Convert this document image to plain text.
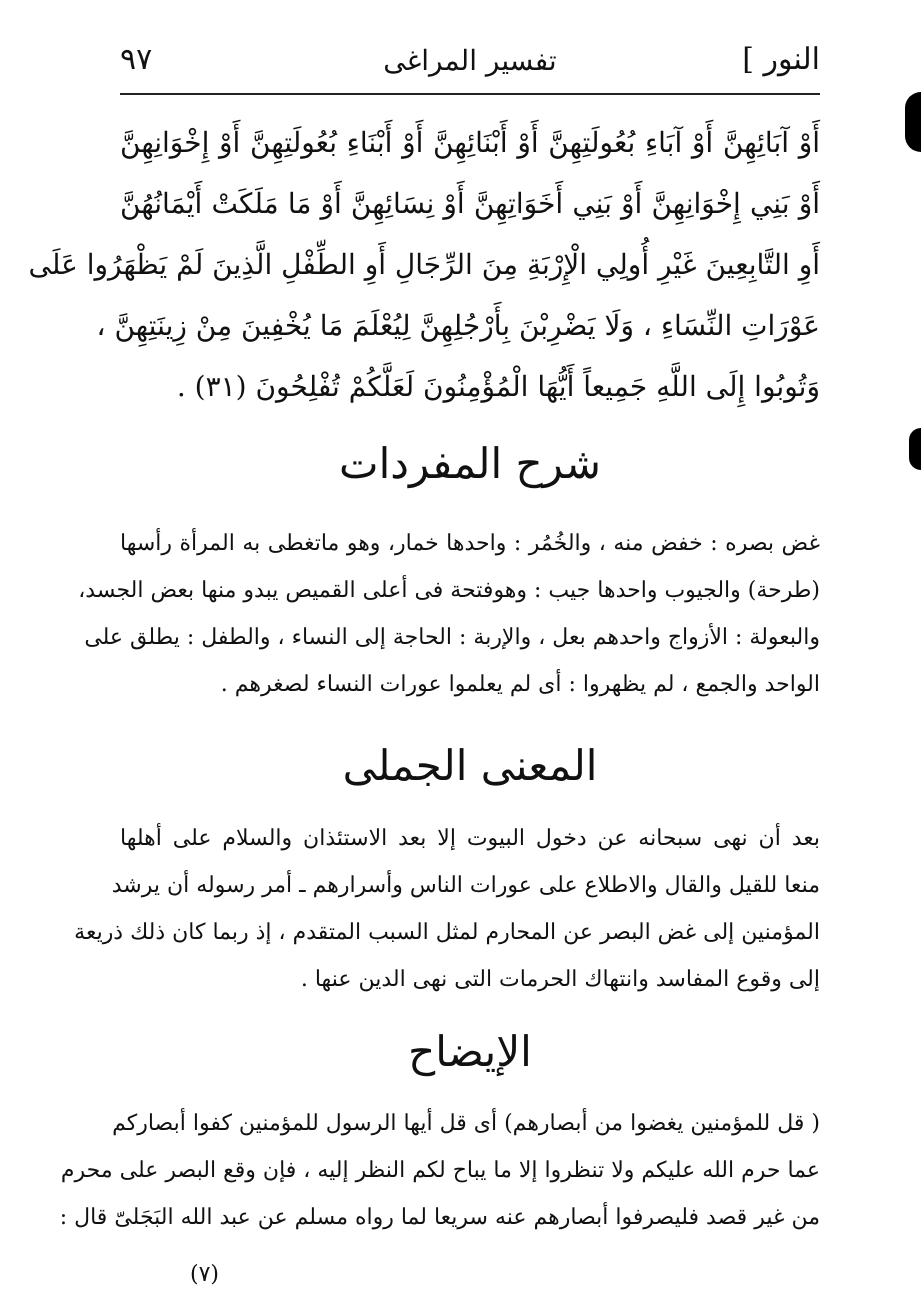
النور ]
تفسير المراغى
٩٧
أَوْ آبَائِهِنَّ أَوْ آبَاءِ بُعُولَتِهِنَّ أَوْ أَبْنَائِهِنَّ أَوْ أَبْنَاءِ بُعُولَتِهِنَّ أَوْ إِخْوَانِهِنَّ
أَوْ بَنِي إِخْوَانِهِنَّ أَوْ بَنِي أَخَوَاتِهِنَّ أَوْ نِسَائِهِنَّ أَوْ مَا مَلَكَتْ أَيْمَانُهُنَّ
أَوِ التَّابِعِينَ غَيْرِ أُولِي الْإِرْبَةِ مِنَ الرِّجَالِ أَوِ الطِّفْلِ الَّذِينَ لَمْ يَظْهَرُوا عَلَى
عَوْرَاتِ النِّسَاءِ ، وَلَا يَضْرِبْنَ بِأَرْجُلِهِنَّ لِيُعْلَمَ مَا يُخْفِينَ مِنْ زِينَتِهِنَّ ،
وَتُوبُوا إِلَى اللَّهِ جَمِيعاً أَيُّهَا الْمُؤْمِنُونَ لَعَلَّكُمْ تُفْلِحُونَ (٣١) .
شرح المفردات
غض بصره : خفض منه ، والخُمُر : واحدها خمار، وهو ماتغطى به المرأة رأسها
(طرحة) والجيوب واحدها جيب : وهوفتحة فى أعلى القميص يبدو منها بعض الجسد،
والبعولة : الأزواج واحدهم بعل ، والإربة : الحاجة إلى النساء ، والطفل : يطلق على
الواحد والجمع ، لم يظهروا : أى لم يعلموا عورات النساء لصغرهم .
المعنى الجملى
بعد أن نهى سبحانه عن دخول البيوت إلا بعد الاستئذان والسلام على أهلها
منعا للقيل والقال والاطلاع على عورات الناس وأسرارهم ـ أمر رسوله أن يرشد
المؤمنين إلى غض البصر عن المحارم لمثل السبب المتقدم ، إذ ربما كان ذلك ذريعة
إلى وقوع المفاسد وانتهاك الحرمات التى نهى الدين عنها .
الإيضاح
( قل للمؤمنين يغضوا من أبصارهم) أى قل أيها الرسول للمؤمنين كفوا أبصاركم
عما حرم الله عليكم ولا تنظروا إلا ما يباح لكم النظر إليه ، فإن وقع البصر على محرم
من غير قصد فليصرفوا أبصارهم عنه سريعا لما رواه مسلم عن عبد الله البَجَلىّ قال :
(٧)
